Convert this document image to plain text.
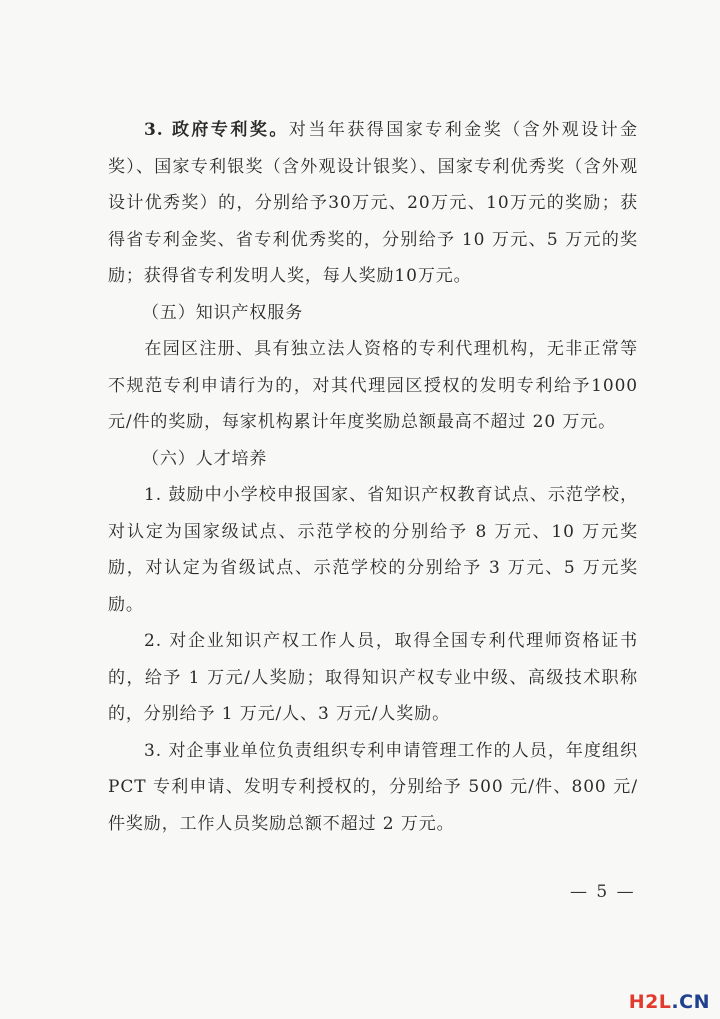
3. 政府专利奖。对当年获得国家专利金奖（含外观设计金奖）、国家专利银奖（含外观设计银奖）、国家专利优秀奖（含外观设计优秀奖）的，分别给予30万元、20万元、10万元的奖励；获得省专利金奖、省专利优秀奖的，分别给予 10 万元、5 万元的奖励；获得省专利发明人奖，每人奖励10万元。

（五）知识产权服务

在园区注册、具有独立法人资格的专利代理机构，无非正常等不规范专利申请行为的，对其代理园区授权的发明专利给予1000 元/件的奖励，每家机构累计年度奖励总额最高不超过 20 万元。

（六）人才培养

1. 鼓励中小学校申报国家、省知识产权教育试点、示范学校，对认定为国家级试点、示范学校的分别给予 8 万元、10 万元奖励，对认定为省级试点、示范学校的分别给予 3 万元、5 万元奖励。

2. 对企业知识产权工作人员，取得全国专利代理师资格证书的，给予 1 万元/人奖励；取得知识产权专业中级、高级技术职称的，分别给予 1 万元/人、3 万元/人奖励。

3. 对企事业单位负责组织专利申请管理工作的人员，年度组织 PCT 专利申请、发明专利授权的，分别给予 500 元/件、800 元/件奖励，工作人员奖励总额不超过 2 万元。

— 5 —
H2L.CN
